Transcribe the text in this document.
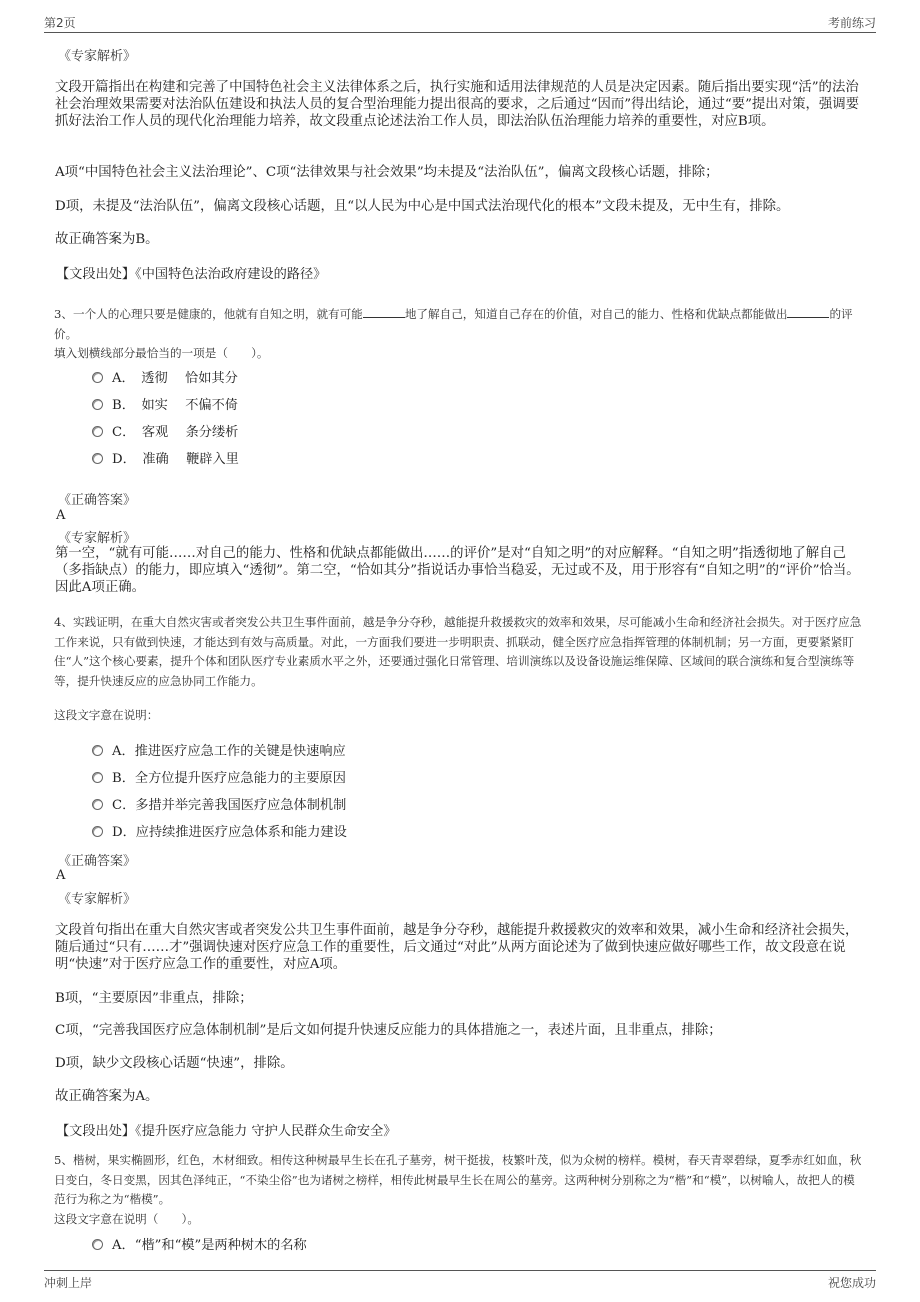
第2页	考前练习
冲刺上岸	祝您成功
《专家解析》
文段开篇指出在构建和完善了中国特色社会主义法律体系之后，执行实施和适用法律规范的人员是决定因素。随后指出要实现“活”的法治社会治理效果需要对法治队伍建设和执法人员的复合型治理能力提出很高的要求，之后通过“因而”得出结论，通过“要”提出对策，强调要抓好法治工作人员的现代化治理能力培养，故文段重点论述法治工作人员，即法治队伍治理能力培养的重要性，对应B项。
A项“中国特色社会主义法治理论”、C项“法律效果与社会效果”均未提及“法治队伍”，偏离文段核心话题，排除；
D项，未提及“法治队伍”，偏离文段核心话题，且“以人民为中心是中国式法治现代化的根本”文段未提及，无中生有，排除。
故正确答案为B。
【文段出处】《中国特色法治政府建设的路径》
3、一个人的心理只要是健康的，他就有自知之明，就有可能	地了解自己，知道自己存在的价值，对自己的能力、性格和优缺点都能做出	的评价。
填入划横线部分最恰当的一项是（　　）。
A．　透彻　 恰如其分
B．　如实　 不偏不倚
C．　客观　 条分缕析
D．　准确　 鞭辟入里
《正确答案》
A
《专家解析》
第一空，“就有可能……对自己的能力、性格和优缺点都能做出……的评价”是对“自知之明”的对应解释。“自知之明”指透彻地了解自己（多指缺点）的能力，即应填入“透彻”。第二空，“恰如其分”指说话办事恰当稳妥，无过或不及，用于形容有“自知之明”的“评价”恰当。因此A项正确。
4、实践证明，在重大自然灾害或者突发公共卫生事件面前，越是争分夺秒，越能提升救援救灾的效率和效果，尽可能减小生命和经济社会损失。对于医疗应急工作来说，只有做到快速，才能达到有效与高质量。对此，一方面我们要进一步明职责、抓联动，健全医疗应急指挥管理的体制机制；另一方面，更要紧紧盯住“人”这个核心要素，提升个体和团队医疗专业素质水平之外，还要通过强化日常管理、培训演练以及设备设施运维保障、区域间的联合演练和复合型演练等等，提升快速反应的应急协同工作能力。
这段文字意在说明：
A．推进医疗应急工作的关键是快速响应
B．全方位提升医疗应急能力的主要原因
C．多措并举完善我国医疗应急体制机制
D．应持续推进医疗应急体系和能力建设
《正确答案》
A
《专家解析》
文段首句指出在重大自然灾害或者突发公共卫生事件面前，越是争分夺秒，越能提升救援救灾的效率和效果，减小生命和经济社会损失，随后通过“只有……才”强调快速对医疗应急工作的重要性，后文通过“对此”从两方面论述为了做到快速应做好哪些工作，故文段意在说明“快速”对于医疗应急工作的重要性，对应A项。
B项，“主要原因”非重点，排除；
C项，“完善我国医疗应急体制机制”是后文如何提升快速反应能力的具体措施之一，表述片面，且非重点，排除；
D项，缺少文段核心话题“快速”，排除。
故正确答案为A。
【文段出处】《提升医疗应急能力 守护人民群众生命安全》
5、楷树，果实椭圆形，红色，木材细致。相传这种树最早生长在孔子墓旁，树干挺拔，枝繁叶茂，似为众树的榜样。模树，春天青翠碧绿，夏季赤红如血，秋日变白，冬日变黑，因其色泽纯正，“不染尘俗”也为诸树之榜样，相传此树最早生长在周公的墓旁。这两种树分别称之为“楷”和“模”，以树喻人，故把人的模范行为称之为“楷模”。
这段文字意在说明（　　）。
A．“楷”和“模”是两种树木的名称
